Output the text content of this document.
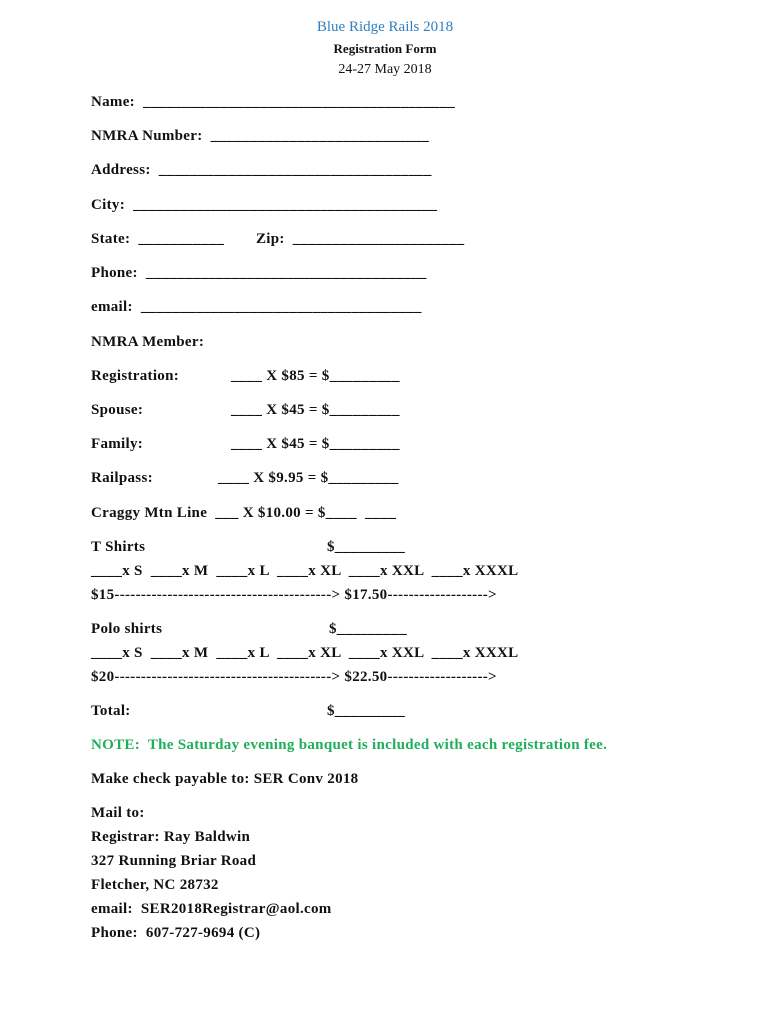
Blue Ridge Rails 2018
Registration Form
24-27 May 2018
Name:  ________________________________________
NMRA Number:  ____________________________
Address:  ___________________________________
City:  _______________________________________
State:  ___________ Zip:  ______________________
Phone:  ____________________________________
email:  ____________________________________
NMRA Member:
Registration:	____ X $85 = $_________
Spouse:	____ X $45 = $_________
Family:	____ X $45 = $_________
Railpass:	____ X $9.95 = $_________
Craggy Mtn Line  ___ X $10.00 = $____  ____
T Shirts	$_________
____x S  ____x M  ____x L  ____x XL  ____x XXL  ____x XXXL
$15-----------------------------------------> $17.50------------------->
Polo shirts	$_________
____x S  ____x M  ____x L  ____x XL  ____x XXL  ____x XXXL
$20-----------------------------------------> $22.50------------------->
Total:	$_________
NOTE:  The Saturday evening banquet is included with each registration fee.
Make check payable to: SER Conv 2018
Mail to:
Registrar: Ray Baldwin
327 Running Briar Road
Fletcher, NC 28732
email:  SER2018Registrar@aol.com
Phone:  607-727-9694 (C)
